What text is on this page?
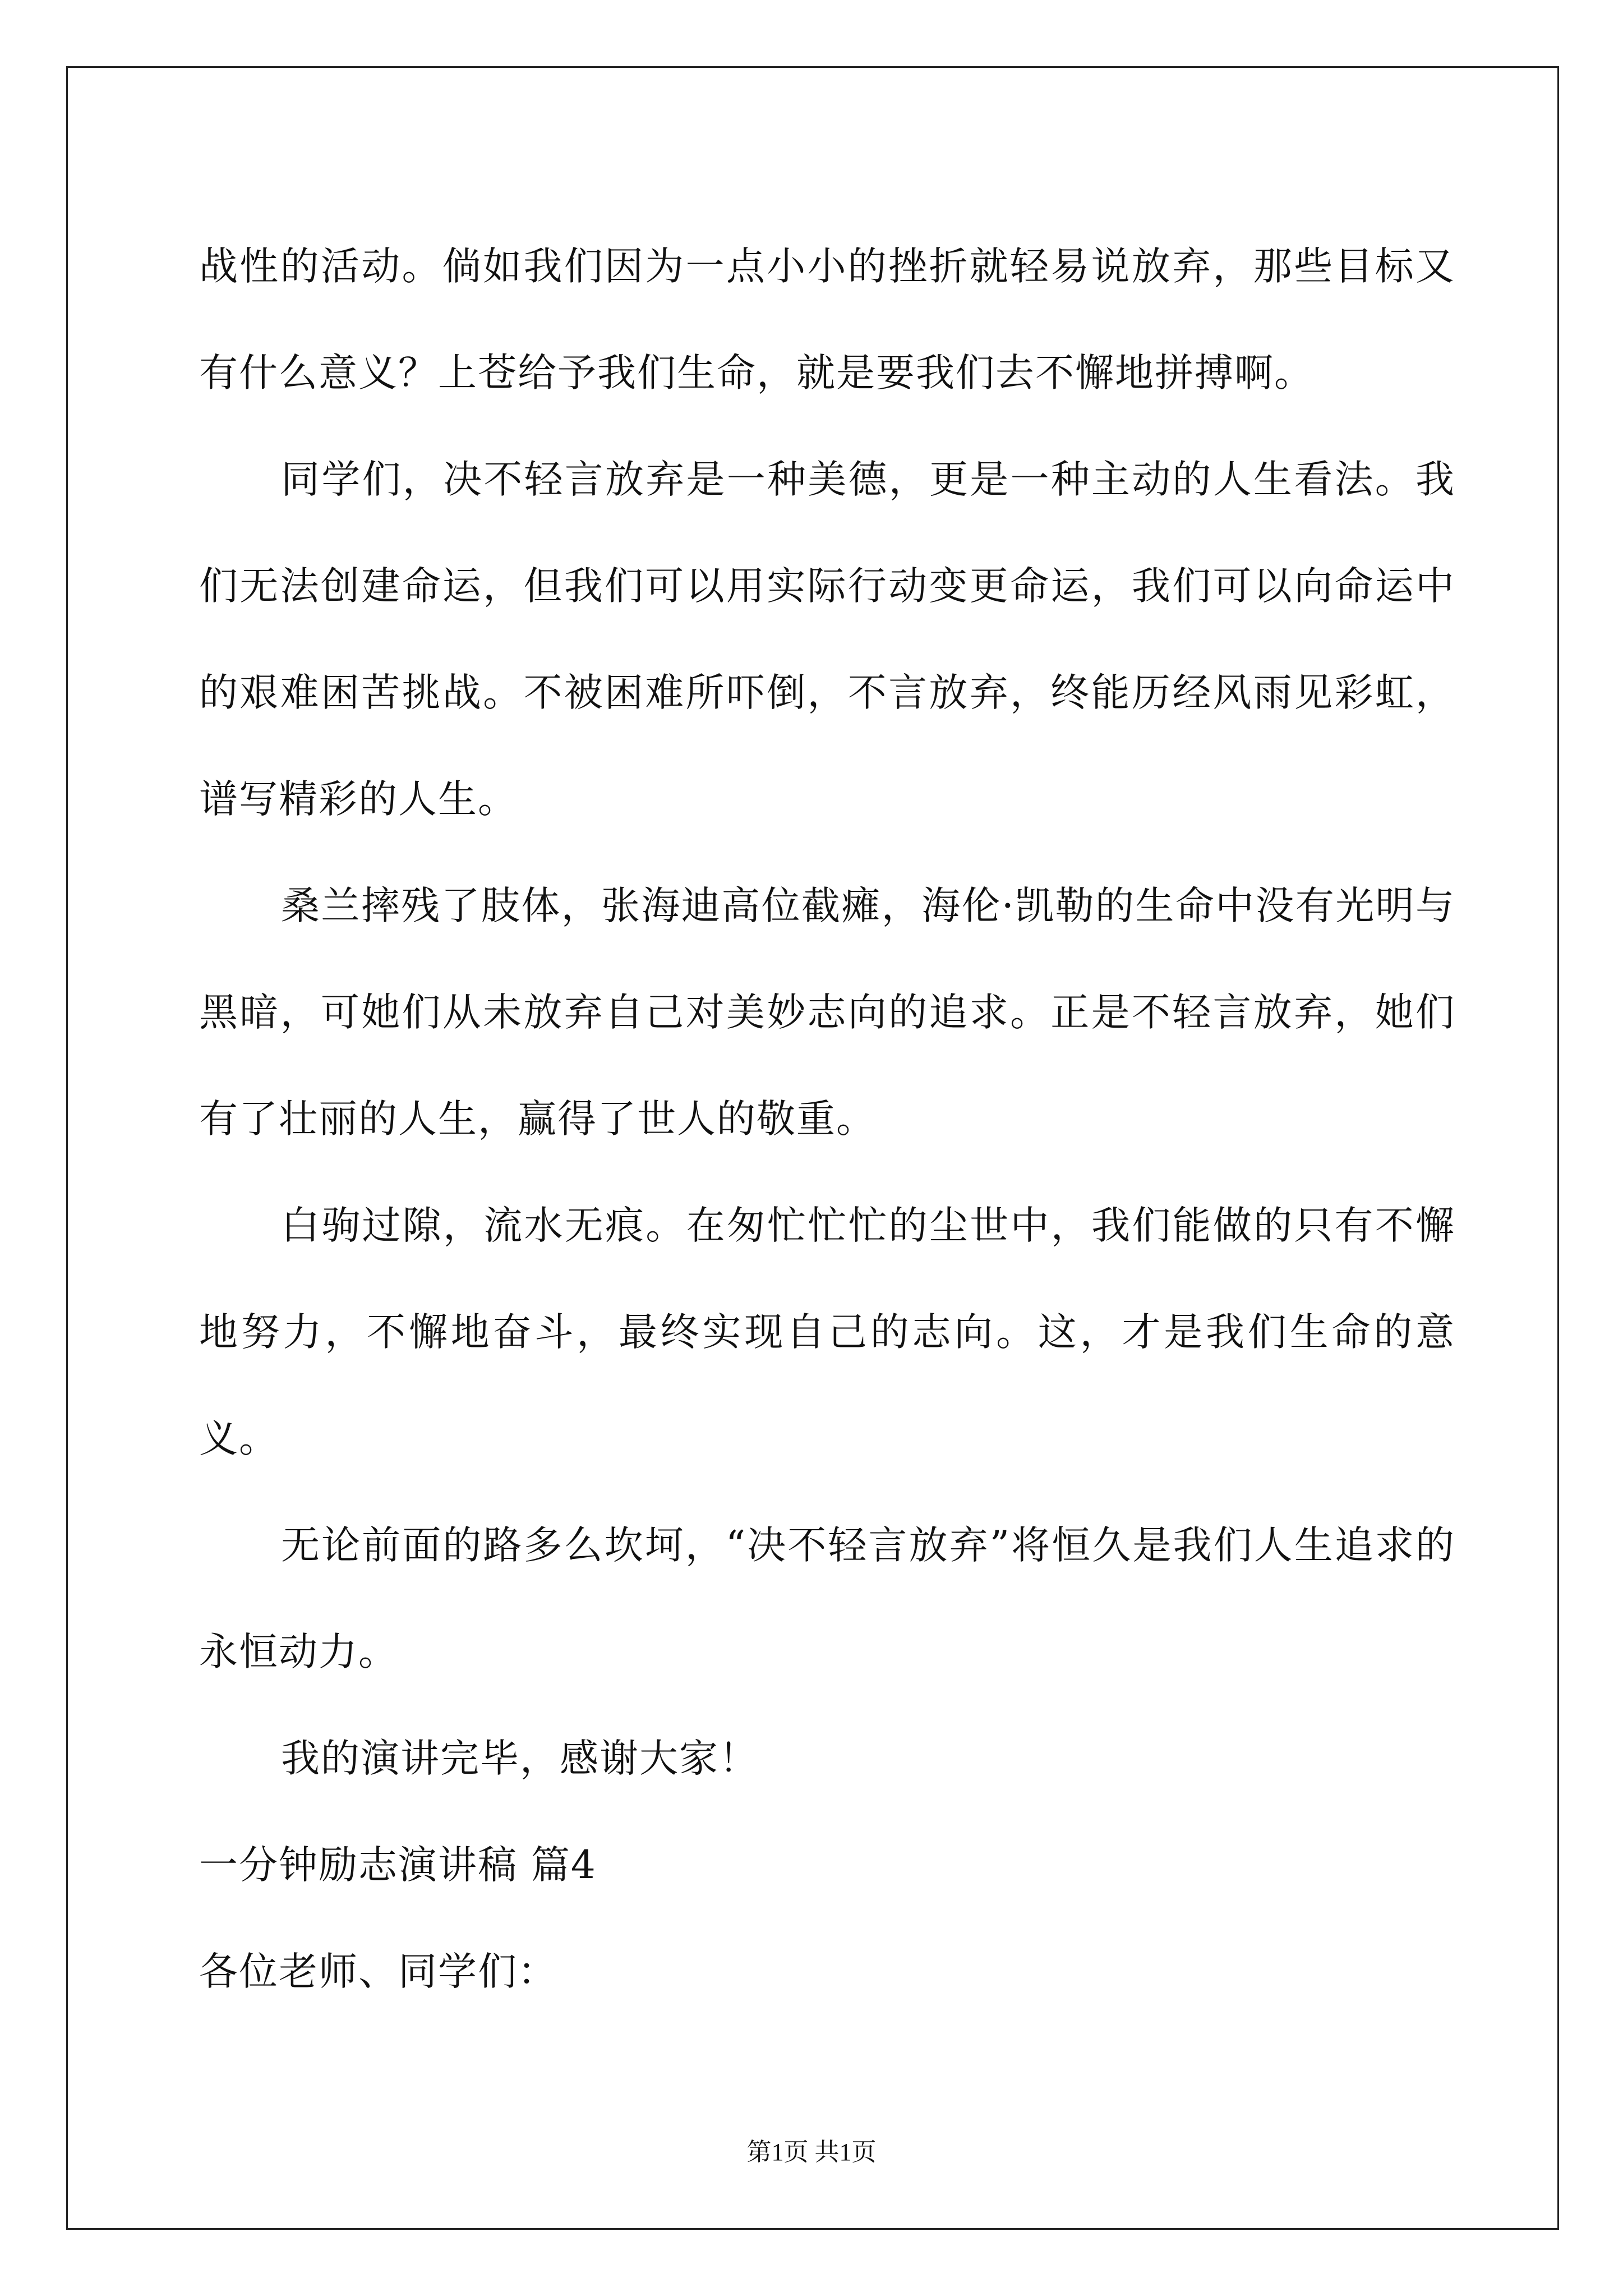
战性的活动。倘如我们因为一点小小的挫折就轻易说放弃，那些目标又有什么意义？上苍给予我们生命，就是要我们去不懈地拼搏啊。

同学们，决不轻言放弃是一种美德，更是一种主动的人生看法。我们无法创建命运，但我们可以用实际行动变更命运，我们可以向命运中的艰难困苦挑战。不被困难所吓倒，不言放弃，终能历经风雨见彩虹，谱写精彩的人生。

桑兰摔残了肢体，张海迪高位截瘫，海伦·凯勒的生命中没有光明与黑暗，可她们从未放弃自己对美妙志向的追求。正是不轻言放弃，她们有了壮丽的人生，赢得了世人的敬重。

白驹过隙，流水无痕。在匆忙忙忙的尘世中，我们能做的只有不懈地努力，不懈地奋斗，最终实现自己的志向。这，才是我们生命的意义。

无论前面的路多么坎坷，“决不轻言放弃”将恒久是我们人生追求的永恒动力。

我的演讲完毕，感谢大家！

一分钟励志演讲稿 篇4

各位老师、同学们：

第1页 共1页
